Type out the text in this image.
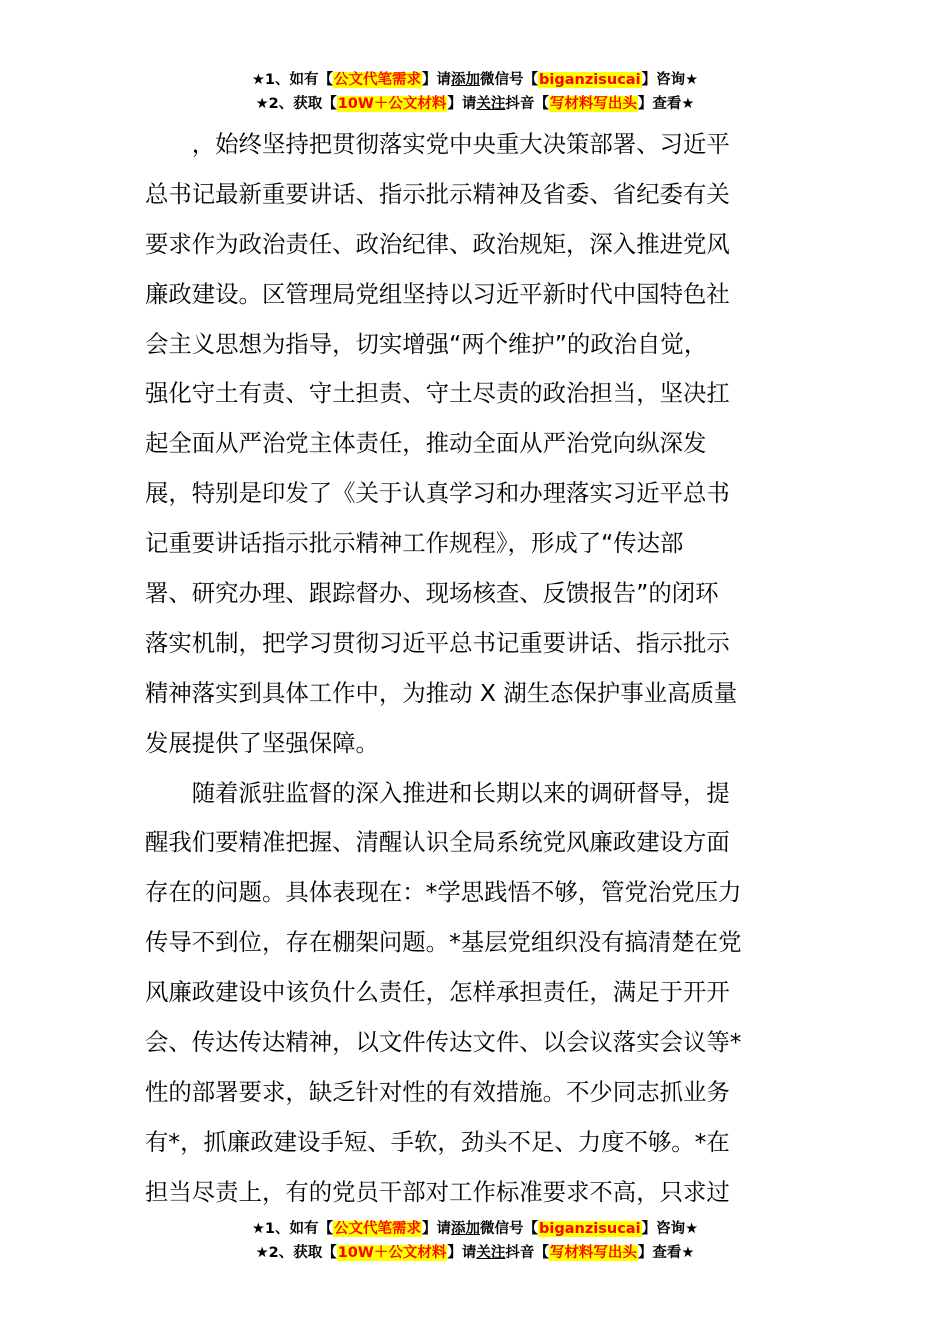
★1、如有【公文代笔需求】请添加微信号【biganzisucai】咨询★
★2、获取【10W＋公文材料】请关注抖音【写材料写出头】查看★
　　，始终坚持把贯彻落实党中央重大决策部署、习近平
总书记最新重要讲话、指示批示精神及省委、省纪委有关
要求作为政治责任、政治纪律、政治规矩，深入推进党风
廉政建设。区管理局党组坚持以习近平新时代中国特色社
会主义思想为指导，切实增强“两个维护”的政治自觉，
强化守土有责、守土担责、守土尽责的政治担当，坚决扛
起全面从严治党主体责任，推动全面从严治党向纵深发
展，特别是印发了《关于认真学习和办理落实习近平总书
记重要讲话指示批示精神工作规程》，形成了“传达部
署、研究办理、跟踪督办、现场核查、反馈报告”的闭环
落实机制，把学习贯彻习近平总书记重要讲话、指示批示
精神落实到具体工作中，为推动 X 湖生态保护事业高质量
发展提供了坚强保障。
　　随着派驻监督的深入推进和长期以来的调研督导，提
醒我们要精准把握、清醒认识全局系统党风廉政建设方面
存在的问题。具体表现在：*学思践悟不够，管党治党压力
传导不到位，存在棚架问题。*基层党组织没有搞清楚在党
风廉政建设中该负什么责任，怎样承担责任，满足于开开
会、传达传达精神，以文件传达文件、以会议落实会议等*
性的部署要求，缺乏针对性的有效措施。不少同志抓业务
有*，抓廉政建设手短、手软，劲头不足、力度不够。*在
担当尽责上，有的党员干部对工作标准要求不高，只求过
★1、如有【公文代笔需求】请添加微信号【biganzisucai】咨询★
★2、获取【10W＋公文材料】请关注抖音【写材料写出头】查看★
